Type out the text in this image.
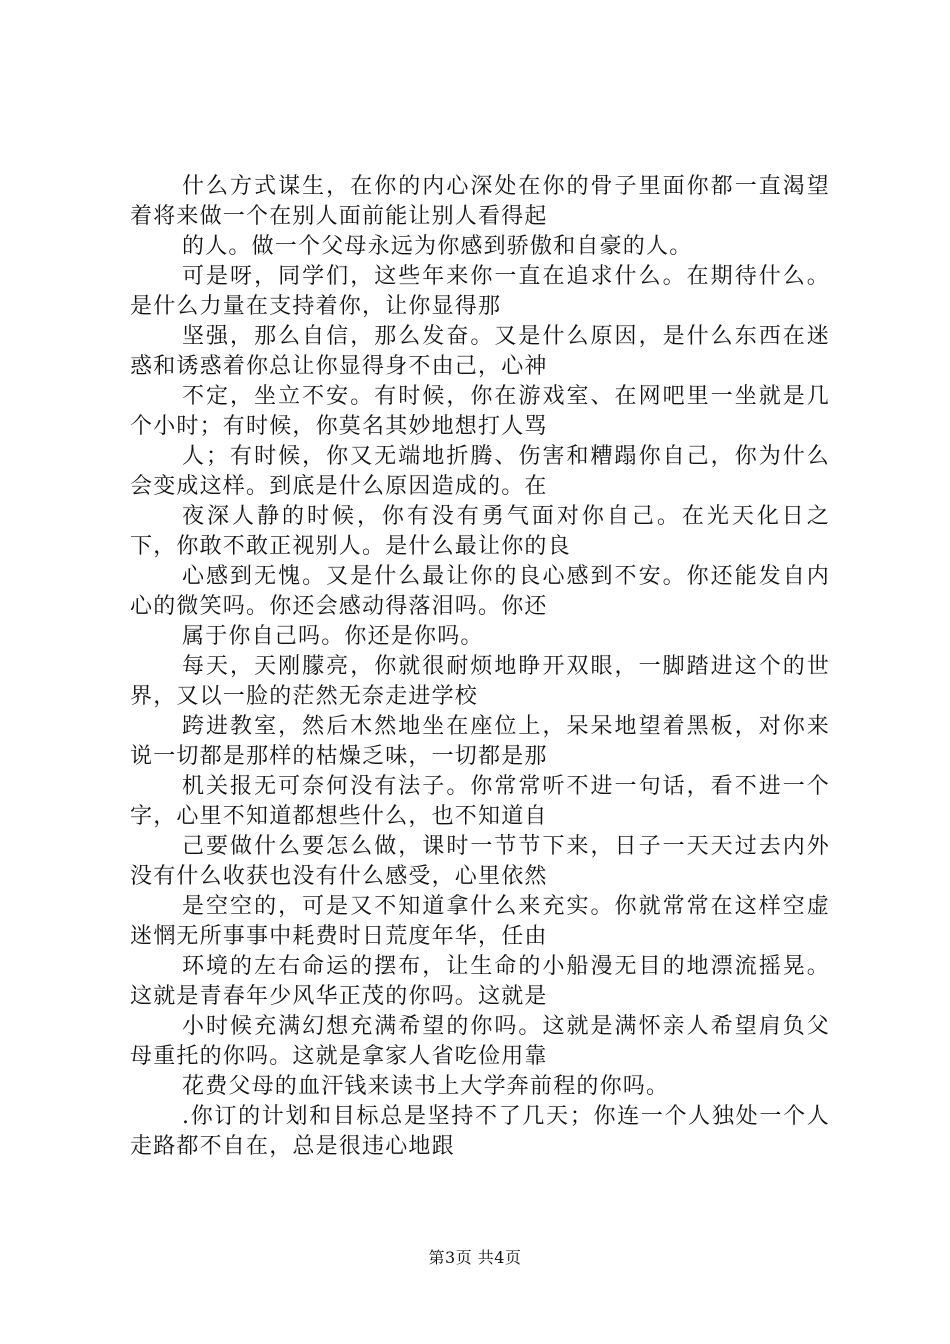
什么方式谋生，在你的内心深处在你的骨子里面你都一直渴望着将来做一个在别人面前能让别人看得起

的人。做一个父母永远为你感到骄傲和自豪的人。

可是呀，同学们，这些年来你一直在追求什么。在期待什么。是什么力量在支持着你，让你显得那

坚强，那么自信，那么发奋。又是什么原因，是什么东西在迷惑和诱惑着你总让你显得身不由己，心神

不定，坐立不安。有时候，你在游戏室、在网吧里一坐就是几个小时；有时候，你莫名其妙地想打人骂

人；有时候，你又无端地折腾、伤害和糟蹋你自己，你为什么会变成这样。到底是什么原因造成的。在

夜深人静的时候，你有没有勇气面对你自己。在光天化日之下，你敢不敢正视别人。是什么最让你的良

心感到无愧。又是什么最让你的良心感到不安。你还能发自内心的微笑吗。你还会感动得落泪吗。你还

属于你自己吗。你还是你吗。

每天，天刚朦亮，你就很耐烦地睁开双眼，一脚踏进这个的世界，又以一脸的茫然无奈走进学校

跨进教室，然后木然地坐在座位上，呆呆地望着黑板，对你来说一切都是那样的枯燥乏味，一切都是那

机关报无可奈何没有法子。你常常听不进一句话，看不进一个字，心里不知道都想些什么，也不知道自

己要做什么要怎么做，课时一节节下来，日子一天天过去内外没有什么收获也没有什么感受，心里依然

是空空的，可是又不知道拿什么来充实。你就常常在这样空虚迷惘无所事事中耗费时日荒度年华，任由

环境的左右命运的摆布，让生命的小船漫无目的地漂流摇晃。这就是青春年少风华正茂的你吗。这就是

小时候充满幻想充满希望的你吗。这就是满怀亲人希望肩负父母重托的你吗。这就是拿家人省吃俭用靠

花费父母的血汗钱来读书上大学奔前程的你吗。

.你订的计划和目标总是坚持不了几天；你连一个人独处一个人走路都不自在，总是很违心地跟

第3页 共4页
